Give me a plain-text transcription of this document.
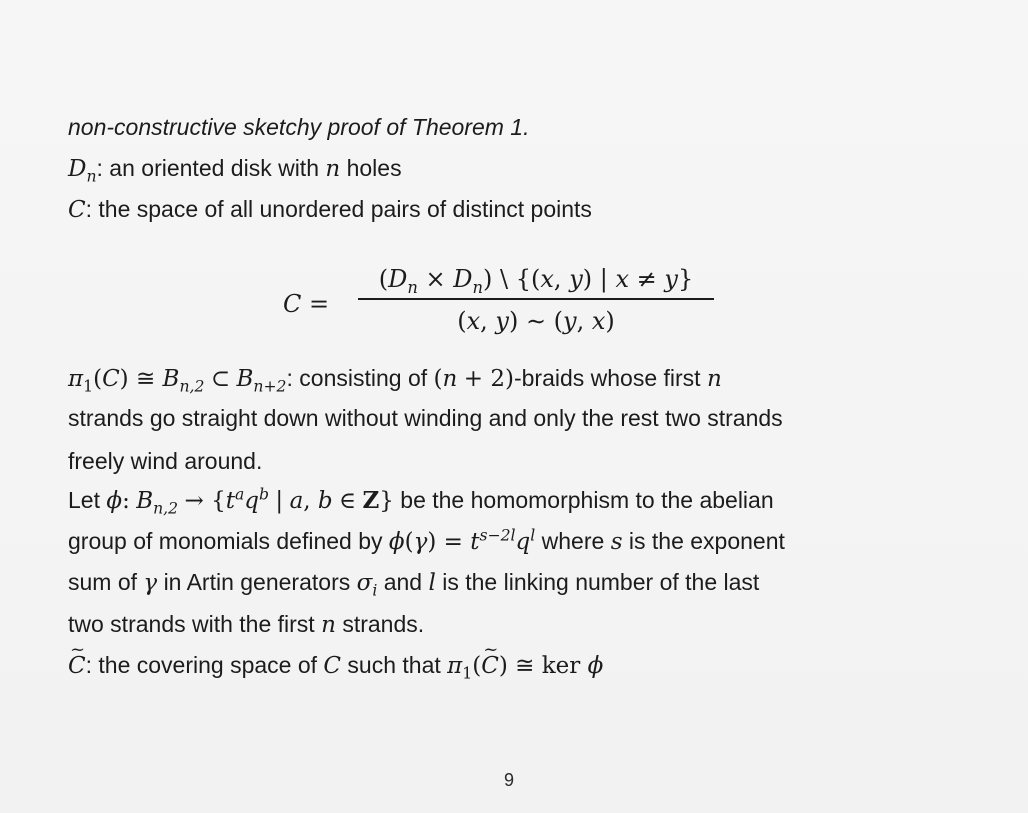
non-constructive sketchy proof of Theorem 1.
$D_n$: an oriented disk with n holes
C: the space of all unordered pairs of distinct points
C =
$(D_n \times D_n)$ \ {(x, y) | x ≠ y}
(x, y) ∼ (y, x)
$\pi_1(C)$ ≅ $B_{n,2}$ ⊂ $B_{n+2}$: consisting of (n + 2)-braids whose first n
strands go straight down without winding and only the rest two strands
freely wind around.
Let ϕ: $B_{n,2} \to \{t^aq^b$ | a, b ∈ Z} be the homomorphism to the abelian
group of monomials defined by $\phi(\gamma) = t^{s-2l}q^l$ where s is the exponent
sum of γ in Artin generators $\sigma_i$ and l is the linking number of the last
two strands with the first n strands.
~ C: the covering space of C such that $\pi_1(\sim$ C) ≅ ker ϕ
9
